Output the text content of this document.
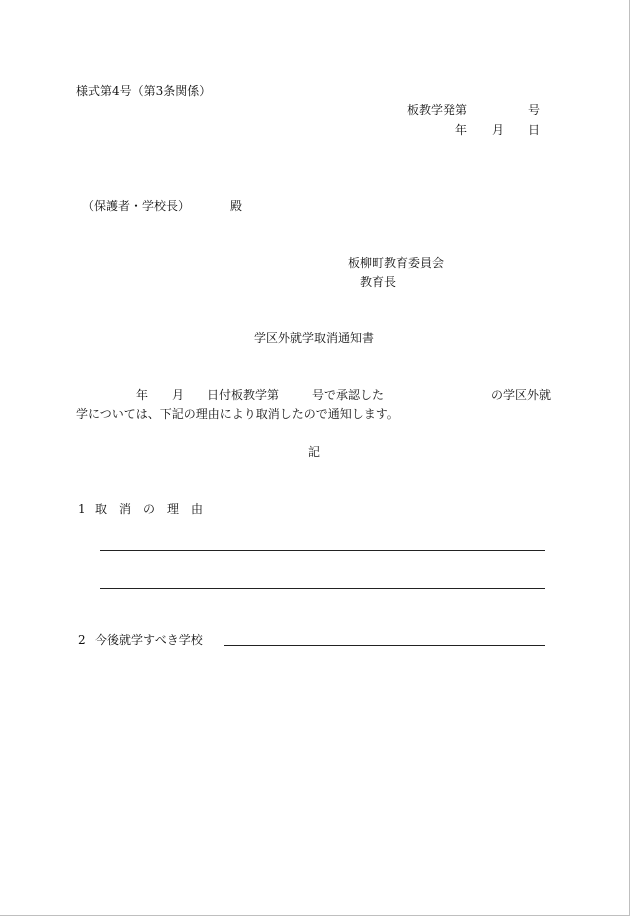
様式第4号（第3条関係）
板教学発第	号
年 月 日
（保護者・学校長）	殿
板柳町教育委員会
教育長
学区外就学取消通知書
年 月 日付板教学第	号で承認した	の学区外就
学については、下記の理由により取消したので通知します。
記
1 取　消　の　理　由
2 今後就学すべき学校
